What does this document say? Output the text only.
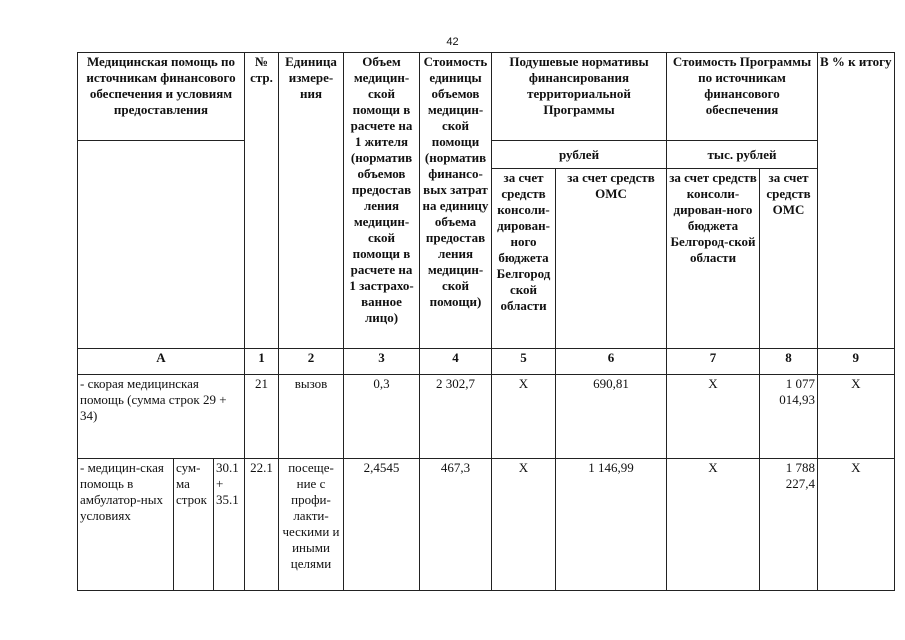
42
Медицинская помощь по источникам финансового обеспечения и условиям предоставления			№ стр.	Единица измере-ния	Объем медицин-ской помощи в расчете на 1 жителя (норматив объемов предостав ления медицин-ской помощи в расчете на 1 застрахо-ванное лицо)	Стоимость единицы объемов медицин-ской помощи (норматив финансо-вых затрат на единицу объема предостав ления медицин-ской помощи)	Подушевые нормативы финансирования территориальной Программы		Стоимость Программы по источникам финансового обеспечения		В % к итогу
							рублей		тыс. рублей		
							за счет средств консоли-дирован-ного бюджета Белгород ской области	за счет средств ОМС	за счет средств консоли-дирован-ного бюджета Белгород-ской области	за счет средств ОМС	
А			1	2	3	4	5	6	7	8	9
- скорая медицинская помощь (сумма строк 29 + 34)			21	вызов	0,3	2 302,7	Х	690,81	Х	1 077 014,93	Х
- медицин-ская помощь в амбулатор-ных условиях	сум-ма строк	30.1 + 35.1	22.1	посеще-ние с профи-лакти-ческими и иными целями	2,4545	467,3	Х	1 146,99	Х	1 788 227,4	Х
